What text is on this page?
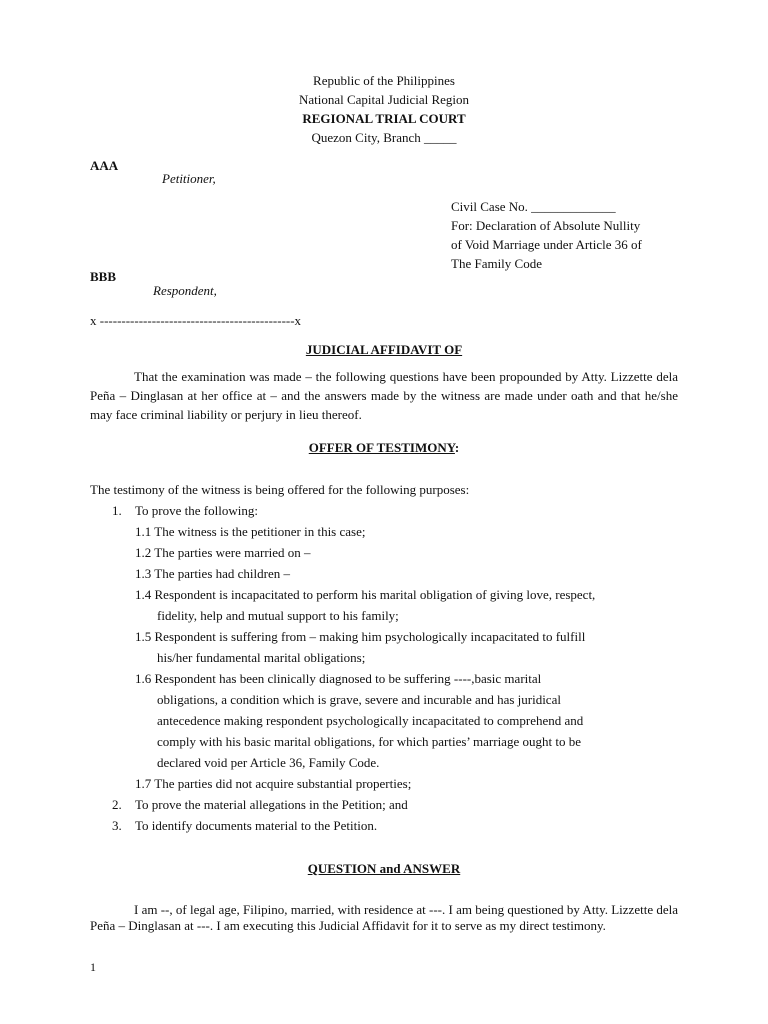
Republic of the Philippines
National Capital Judicial Region
REGIONAL TRIAL COURT
Quezon City, Branch _____
AAA
Petitioner,
Civil Case No. _____________
For: Declaration of Absolute Nullity
of Void Marriage under Article 36 of
The Family Code
BBB
Respondent,
x ---------------------------------------------x
JUDICIAL AFFIDAVIT OF
That the examination was made – the following questions have been propounded by Atty. Lizzette dela Peña – Dinglasan at her office at – and the answers made by the witness are made under oath and that he/she may face criminal liability or perjury in lieu thereof.
OFFER OF TESTIMONY:
The testimony of the witness is being offered for the following purposes:
1. To prove the following:
1.1 The witness is the petitioner in this case;
1.2 The parties were married on –
1.3 The parties had children –
1.4 Respondent is incapacitated to perform his marital obligation of giving love, respect,
fidelity, help and mutual support to his family;
1.5 Respondent is suffering from – making him psychologically incapacitated to fulfill
his/her fundamental marital obligations;
1.6 Respondent has been clinically diagnosed to be suffering ----,basic marital
obligations, a condition which is grave, severe and incurable and has juridical
antecedence making respondent psychologically incapacitated to comprehend and
comply with his basic marital obligations, for which parties’ marriage ought to be
declared void per Article 36, Family Code.
1.7 The parties did not acquire substantial properties;
2. To prove the material allegations in the Petition; and
3. To identify documents material to the Petition.
QUESTION and ANSWER
I am --, of legal age, Filipino, married, with residence at ---. I am being questioned by Atty. Lizzette dela Peña – Dinglasan at ---. I am executing this Judicial Affidavit for it to serve as my direct testimony.
1
